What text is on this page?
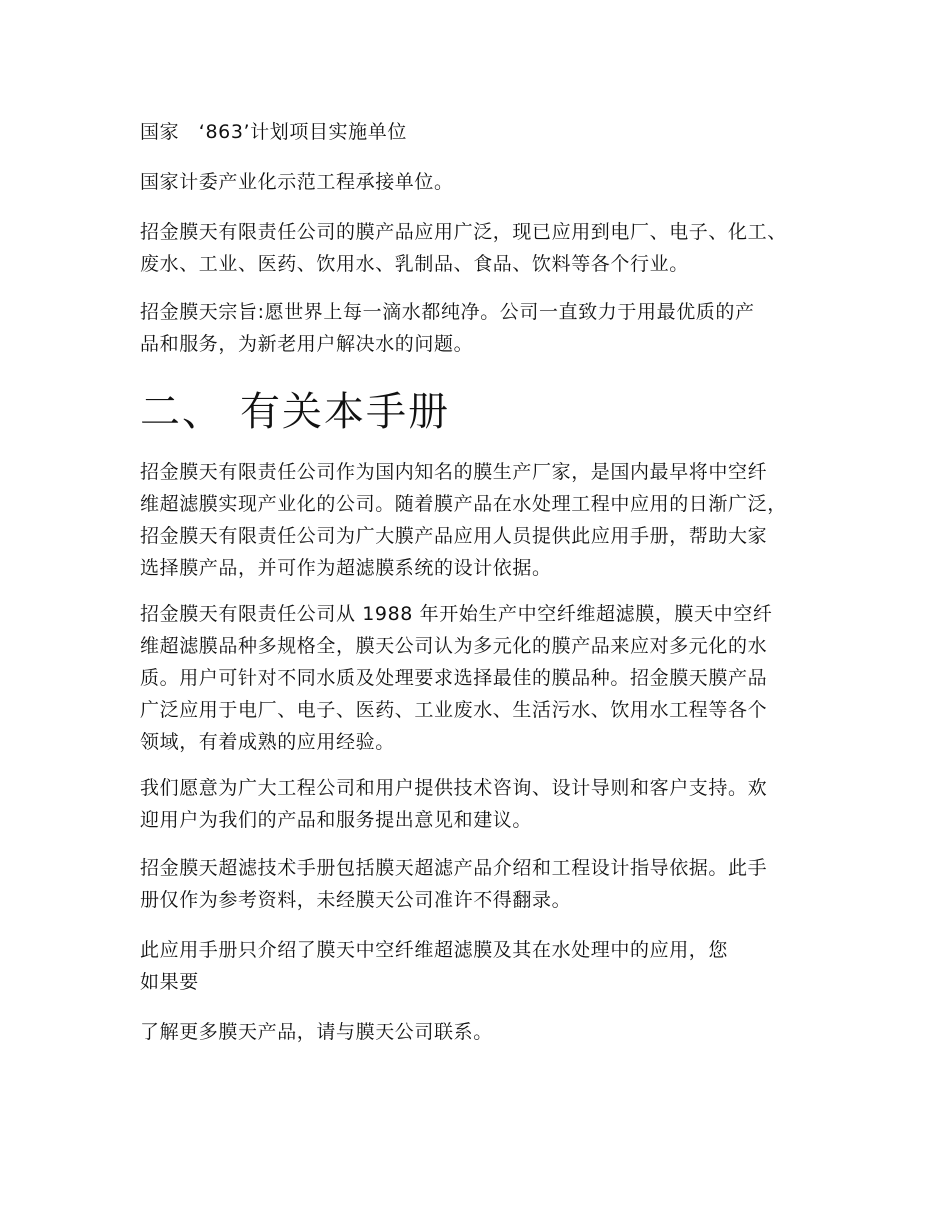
国家　‘863’计划项目实施单位

国家计委产业化示范工程承接单位。

招金膜天有限责任公司的膜产品应用广泛，现已应用到电厂、电子、化工、
废水、工业、医药、饮用水、乳制品、食品、饮料等各个行业。

招金膜天宗旨:愿世界上每一滴水都纯净。公司一直致力于用最优质的产
品和服务，为新老用户解决水的问题。

二、 有关本手册

招金膜天有限责任公司作为国内知名的膜生产厂家，是国内最早将中空纤
维超滤膜实现产业化的公司。随着膜产品在水处理工程中应用的日渐广泛，
招金膜天有限责任公司为广大膜产品应用人员提供此应用手册，帮助大家
选择膜产品，并可作为超滤膜系统的设计依据。

招金膜天有限责任公司从 1988 年开始生产中空纤维超滤膜，膜天中空纤
维超滤膜品种多规格全，膜天公司认为多元化的膜产品来应对多元化的水
质。用户可针对不同水质及处理要求选择最佳的膜品种。招金膜天膜产品
广泛应用于电厂、电子、医药、工业废水、生活污水、饮用水工程等各个
领域，有着成熟的应用经验。

我们愿意为广大工程公司和用户提供技术咨询、设计导则和客户支持。欢
迎用户为我们的产品和服务提出意见和建议。

招金膜天超滤技术手册包括膜天超滤产品介绍和工程设计指导依据。此手
册仅作为参考资料，未经膜天公司准许不得翻录。

此应用手册只介绍了膜天中空纤维超滤膜及其在水处理中的应用，您
如果要

了解更多膜天产品，请与膜天公司联系。
